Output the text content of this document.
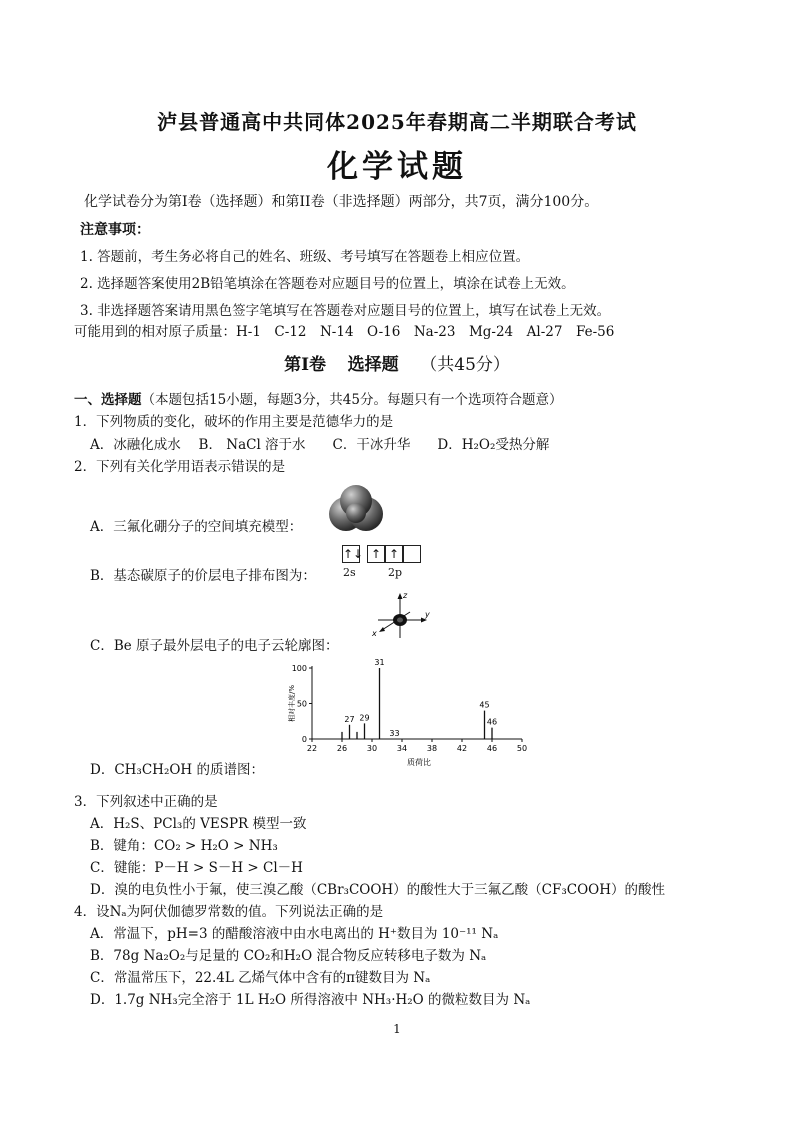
泸县普通高中共同体2025年春期高二半期联合考试
化学试题
化学试卷分为第I卷（选择题）和第II卷（非选择题）两部分，共7页，满分100分。
注意事项：
1. 答题前，考生务必将自己的姓名、班级、考号填写在答题卷上相应位置。
2. 选择题答案使用2B铅笔填涂在答题卷对应题目号的位置上，填涂在试卷上无效。
3. 非选择题答案请用黑色签字笔填写在答题卷对应题目号的位置上，填写在试卷上无效。
可能用到的相对原子质量：H-1　C-12　N-14　O-16　Na-23　Mg-24　Al-27　Fe-56
第I卷 选择题 （共45分）
一、选择题（本题包括15小题，每题3分，共45分。每题只有一个选项符合题意）
1．下列物质的变化，破坏的作用主要是范德华力的是
A．冰融化成水　 B． NaCl 溶于水　　C．干冰升华　　D．H₂O₂受热分解
2．下列有关化学用语表示错误的是
A．三氟化硼分子的空间填充模型：
B．基态碳原子的价层电子排布图为：
↑↓ ↑ ↑
2s	2p
C．Be 原子最外层电子的电子云轮廓图：
z
y
x
D．CH₃CH₂OH 的质谱图：
0
50
100
22 26 30 34 38 42 46 50
27 29
31
33
45
46
相对丰度/%
质荷比
3．下列叙述中正确的是
A．H₂S、PCl₃的 VESPR 模型一致
B．键角：CO₂ > H₂O > NH₃
C．键能：P－H > S－H > Cl－H
D．溴的电负性小于氟，使三溴乙酸（CBr₃COOH）的酸性大于三氟乙酸（CF₃COOH）的酸性
4．设Nₐ为阿伏伽德罗常数的值。下列说法正确的是
A．常温下，pH=3 的醋酸溶液中由水电离出的 H⁺数目为 10⁻¹¹ Nₐ
B．78g Na₂O₂与足量的 CO₂和H₂O 混合物反应转移电子数为 Nₐ
C．常温常压下，22.4L 乙烯气体中含有的π键数目为 Nₐ
D．1.7g NH₃完全溶于 1L H₂O 所得溶液中 NH₃·H₂O 的微粒数目为 Nₐ
1
